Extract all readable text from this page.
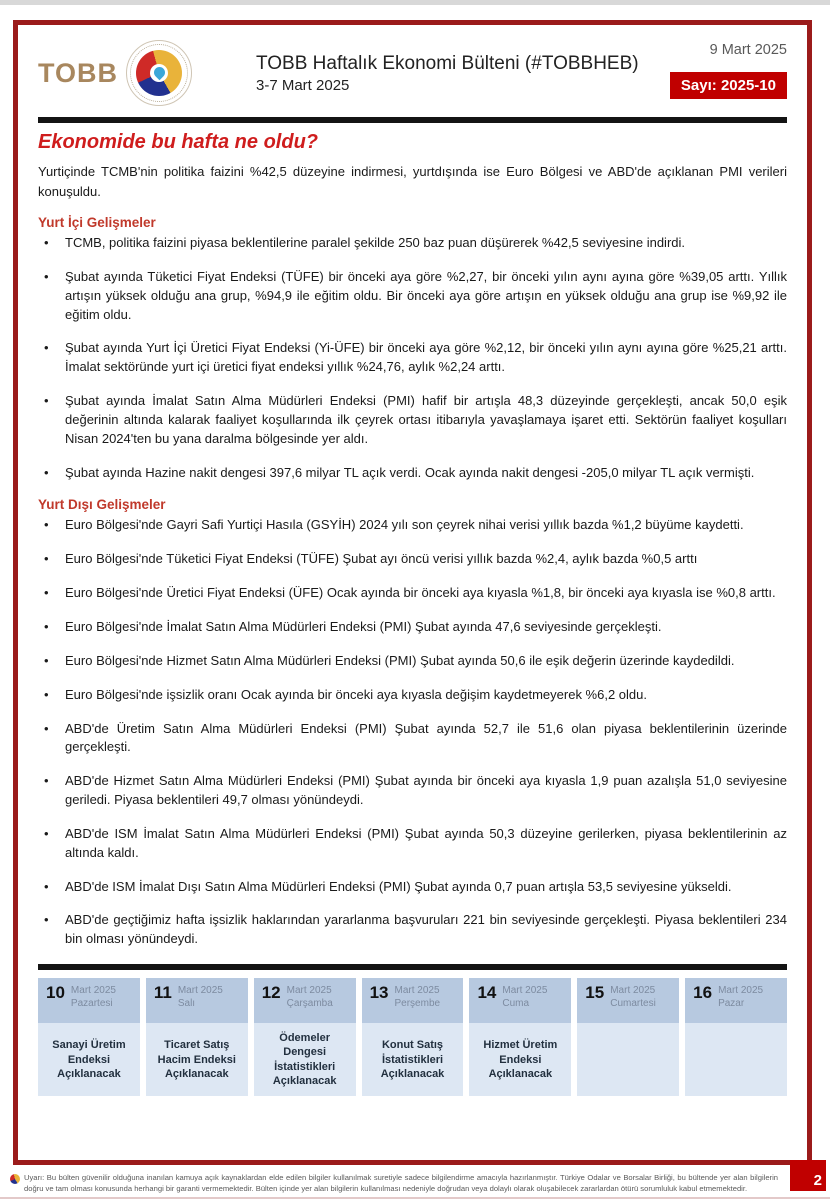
TOBB	TOBB Haftalık Ekonomi Bülteni (#TOBBHEB)
3-7 Mart 2025
9 Mart 2025
Sayı: 2025-10
Ekonomide bu hafta ne oldu?

Yurtiçinde TCMB'nin politika faizini %42,5 düzeyine indirmesi, yurtdışında ise Euro Bölgesi ve ABD'de açıklanan PMI verileri konuşuldu.

Yurt İçi Gelişmeler
• TCMB, politika faizini piyasa beklentilerine paralel şekilde 250 baz puan düşürerek %42,5 seviyesine indirdi.
• Şubat ayında Tüketici Fiyat Endeksi (TÜFE) bir önceki aya göre %2,27, bir önceki yılın aynı ayına göre %39,05 arttı. Yıllık artışın yüksek olduğu ana grup, %94,9 ile eğitim oldu. Bir önceki aya göre artışın en yüksek olduğu ana grup ise %9,92 ile eğitim oldu.
• Şubat ayında Yurt İçi Üretici Fiyat Endeksi (Yi-ÜFE) bir önceki aya göre %2,12, bir önceki yılın aynı ayına göre %25,21 arttı. İmalat sektöründe yurt içi üretici fiyat endeksi yıllık %24,76, aylık %2,24 arttı.
• Şubat ayında İmalat Satın Alma Müdürleri Endeksi (PMI) hafif bir artışla 48,3 düzeyinde gerçekleşti, ancak 50,0 eşik değerinin altında kalarak faaliyet koşullarında ilk çeyrek ortası itibarıyla yavaşlamaya işaret etti. Sektörün faaliyet koşulları Nisan 2024'ten bu yana daralma bölgesinde yer aldı.
• Şubat ayında Hazine nakit dengesi 397,6 milyar TL açık verdi. Ocak ayında nakit dengesi -205,0 milyar TL açık vermişti.
Yurt Dışı Gelişmeler
• Euro Bölgesi'nde Gayri Safi Yurtiçi Hasıla (GSYİH) 2024 yılı son çeyrek nihai verisi yıllık bazda %1,2 büyüme kaydetti.
• Euro Bölgesi'nde Tüketici Fiyat Endeksi (TÜFE) Şubat ayı öncü verisi yıllık bazda %2,4, aylık bazda %0,5 arttı
• Euro Bölgesi'nde Üretici Fiyat Endeksi (ÜFE) Ocak ayında bir önceki aya kıyasla %1,8, bir önceki aya kıyasla ise %0,8 arttı.
• Euro Bölgesi'nde İmalat Satın Alma Müdürleri Endeksi (PMI) Şubat ayında 47,6 seviyesinde gerçekleşti.
• Euro Bölgesi'nde Hizmet Satın Alma Müdürleri Endeksi (PMI) Şubat ayında 50,6 ile eşik değerin üzerinde kaydedildi.
• Euro Bölgesi'nde işsizlik oranı Ocak ayında bir önceki aya kıyasla değişim kaydetmeyerek %6,2 oldu.
• ABD'de Üretim Satın Alma Müdürleri Endeksi (PMI) Şubat ayında 52,7 ile 51,6 olan piyasa beklentilerinin üzerinde gerçekleşti.
• ABD'de Hizmet Satın Alma Müdürleri Endeksi (PMI) Şubat ayında bir önceki aya kıyasla 1,9 puan azalışla 51,0 seviyesine geriledi. Piyasa beklentileri 49,7 olması yönündeydi.
• ABD'de ISM İmalat Satın Alma Müdürleri Endeksi (PMI) Şubat ayında 50,3 düzeyine gerilerken, piyasa beklentilerinin az altında kaldı.
• ABD'de ISM İmalat Dışı Satın Alma Müdürleri Endeksi (PMI) Şubat ayında 0,7 puan artışla 53,5 seviyesine yükseldi.
• ABD'de geçtiğimiz hafta işsizlik haklarından yararlanma başvuruları 221 bin seviyesinde gerçekleşti. Piyasa beklentileri 234 bin olması yönündeydi.
10 Mart 2025
Pazartesi
Sanayi Üretim Endeksi Açıklanacak
11 Mart 2025
Salı
Ticaret Satış Hacim Endeksi Açıklanacak
12 Mart 2025
Çarşamba
Ödemeler Dengesi İstatistikleri Açıklanacak
13 Mart 2025
Perşembe
Konut Satış İstatistikleri Açıklanacak
14 Mart 2025
Cuma
Hizmet Üretim Endeksi Açıklanacak
15 Mart 2025
Cumartesi
16 Mart 2025
Pazar
2
Uyarı: Bu bülten güvenilir olduğuna inanılan kamuya açık kaynaklardan elde edilen bilgiler kullanılmak suretiyle sadece bilgilendirme amacıyla hazırlanmıştır. Türkiye Odalar ve Borsalar Birliği, bu bültende yer alan bilgilerin doğru ve tam olması konusunda herhangi bir garanti vermemektedir. Bülten içinde yer alan bilgilerin kullanılması nedeniyle doğrudan veya dolaylı olarak oluşabilecek zararlardan ötürü sorumluluk kabul etmemektedir.
